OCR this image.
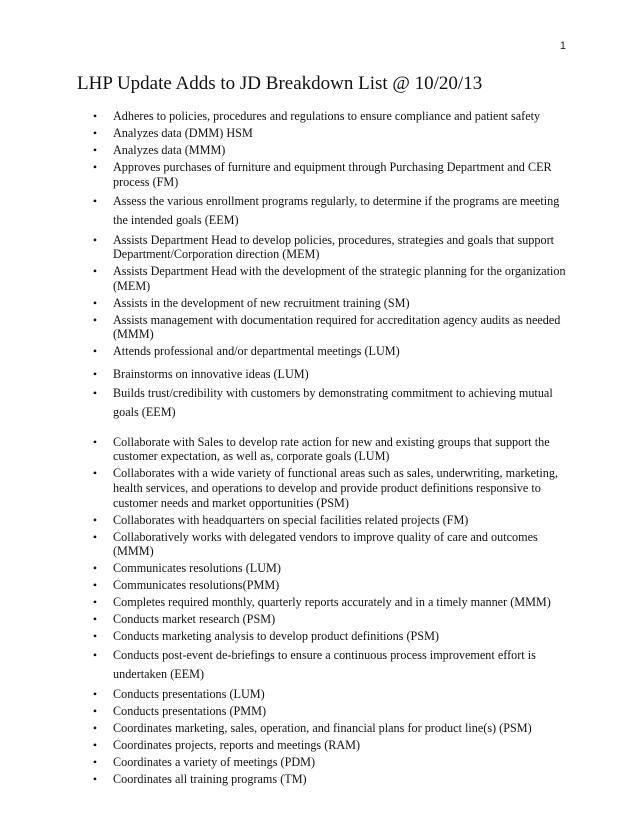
1
LHP Update Adds to JD Breakdown List @ 10/20/13
• Adheres to policies, procedures and regulations to ensure compliance and patient safety
• Analyzes data (DMM) HSM
• Analyzes data (MMM)
• Approves purchases of furniture and equipment through Purchasing Department and CER process (FM)
• Assess the various enrollment programs regularly, to determine if the programs are meeting the intended goals (EEM)
• Assists Department Head to develop policies, procedures, strategies and goals that support Department/Corporation direction (MEM)
• Assists Department Head with the development of the strategic planning for the organization (MEM)
• Assists in the development of new recruitment training (SM)
• Assists management with documentation required for accreditation agency audits as needed (MMM)
• Attends professional and/or departmental meetings (LUM)
• Brainstorms on innovative ideas (LUM)
• Builds trust/credibility with customers by demonstrating commitment to achieving mutual goals (EEM)
• Collaborate with Sales to develop rate action for new and existing groups that support the customer expectation, as well as, corporate goals (LUM)
• Collaborates with a wide variety of functional areas such as sales, underwriting, marketing, health services, and operations to develop and provide product definitions responsive to customer needs and market opportunities (PSM)
• Collaborates with headquarters on special facilities related projects (FM)
• Collaboratively works with delegated vendors to improve quality of care and outcomes (MMM)
• Communicates resolutions (LUM)
• Communicates resolutions(PMM)
• Completes required monthly, quarterly reports accurately and in a timely manner (MMM)
• Conducts market research (PSM)
• Conducts marketing analysis to develop product definitions (PSM)
• Conducts post-event de-briefings to ensure a continuous process improvement effort is undertaken (EEM)
• Conducts presentations (LUM)
• Conducts presentations (PMM)
• Coordinates marketing, sales, operation, and financial plans for product line(s) (PSM)
• Coordinates projects, reports and meetings (RAM)
• Coordinates a variety of meetings (PDM)
• Coordinates all training programs (TM)
